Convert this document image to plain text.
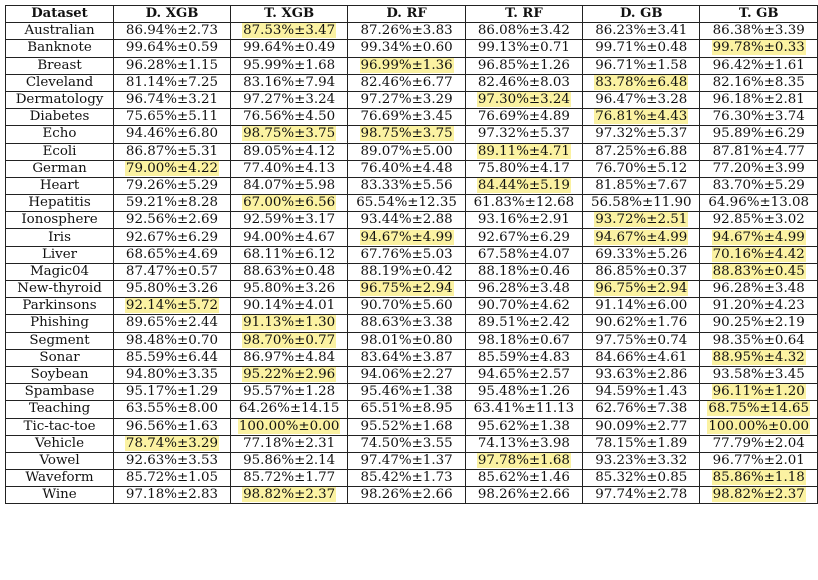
Dataset	D. XGB	T. XGB	D. RF	T. RF	D. GB	T. GB
Australian	86.94%±2.73	87.53%±3.47	87.26%±3.83	86.08%±3.42	86.23%±3.41	86.38%±3.39
Banknote	99.64%±0.59	99.64%±0.49	99.34%±0.60	99.13%±0.71	99.71%±0.48	99.78%±0.33
Breast	96.28%±1.15	95.99%±1.68	96.99%±1.36	96.85%±1.26	96.71%±1.58	96.42%±1.61
Cleveland	81.14%±7.25	83.16%±7.94	82.46%±6.77	82.46%±8.03	83.78%±6.48	82.16%±8.35
Dermatology	96.74%±3.21	97.27%±3.24	97.27%±3.29	97.30%±3.24	96.47%±3.28	96.18%±2.81
Diabetes	75.65%±5.11	76.56%±4.50	76.69%±3.45	76.69%±4.89	76.81%±4.43	76.30%±3.74
Echo	94.46%±6.80	98.75%±3.75	98.75%±3.75	97.32%±5.37	97.32%±5.37	95.89%±6.29
Ecoli	86.87%±5.31	89.05%±4.12	89.07%±5.00	89.11%±4.71	87.25%±6.88	87.81%±4.77
German	79.00%±4.22	77.40%±4.13	76.40%±4.48	75.80%±4.17	76.70%±5.12	77.20%±3.99
Heart	79.26%±5.29	84.07%±5.98	83.33%±5.56	84.44%±5.19	81.85%±7.67	83.70%±5.29
Hepatitis	59.21%±8.28	67.00%±6.56	65.54%±12.35	61.83%±12.68	56.58%±11.90	64.96%±13.08
Ionosphere	92.56%±2.69	92.59%±3.17	93.44%±2.88	93.16%±2.91	93.72%±2.51	92.85%±3.02
Iris	92.67%±6.29	94.00%±4.67	94.67%±4.99	92.67%±6.29	94.67%±4.99	94.67%±4.99
Liver	68.65%±4.69	68.11%±6.12	67.76%±5.03	67.58%±4.07	69.33%±5.26	70.16%±4.42
Magic04	87.47%±0.57	88.63%±0.48	88.19%±0.42	88.18%±0.46	86.85%±0.37	88.83%±0.45
New-thyroid	95.80%±3.26	95.80%±3.26	96.75%±2.94	96.28%±3.48	96.75%±2.94	96.28%±3.48
Parkinsons	92.14%±5.72	90.14%±4.01	90.70%±5.60	90.70%±4.62	91.14%±6.00	91.20%±4.23
Phishing	89.65%±2.44	91.13%±1.30	88.63%±3.38	89.51%±2.42	90.62%±1.76	90.25%±2.19
Segment	98.48%±0.70	98.70%±0.77	98.01%±0.80	98.18%±0.67	97.75%±0.74	98.35%±0.64
Sonar	85.59%±6.44	86.97%±4.84	83.64%±3.87	85.59%±4.83	84.66%±4.61	88.95%±4.32
Soybean	94.80%±3.35	95.22%±2.96	94.06%±2.27	94.65%±2.57	93.63%±2.86	93.58%±3.45
Spambase	95.17%±1.29	95.57%±1.28	95.46%±1.38	95.48%±1.26	94.59%±1.43	96.11%±1.20
Teaching	63.55%±8.00	64.26%±14.15	65.51%±8.95	63.41%±11.13	62.76%±7.38	68.75%±14.65
Tic-tac-toe	96.56%±1.63	100.00%±0.00	95.52%±1.68	95.62%±1.38	90.09%±2.77	100.00%±0.00
Vehicle	78.74%±3.29	77.18%±2.31	74.50%±3.55	74.13%±3.98	78.15%±1.89	77.79%±2.04
Vowel	92.63%±3.53	95.86%±2.14	97.47%±1.37	97.78%±1.68	93.23%±3.32	96.77%±2.01
Waveform	85.72%±1.05	85.72%±1.77	85.42%±1.73	85.62%±1.46	85.32%±0.85	85.86%±1.18
Wine	97.18%±2.83	98.82%±2.37	98.26%±2.66	98.26%±2.66	97.74%±2.78	98.82%±2.37
